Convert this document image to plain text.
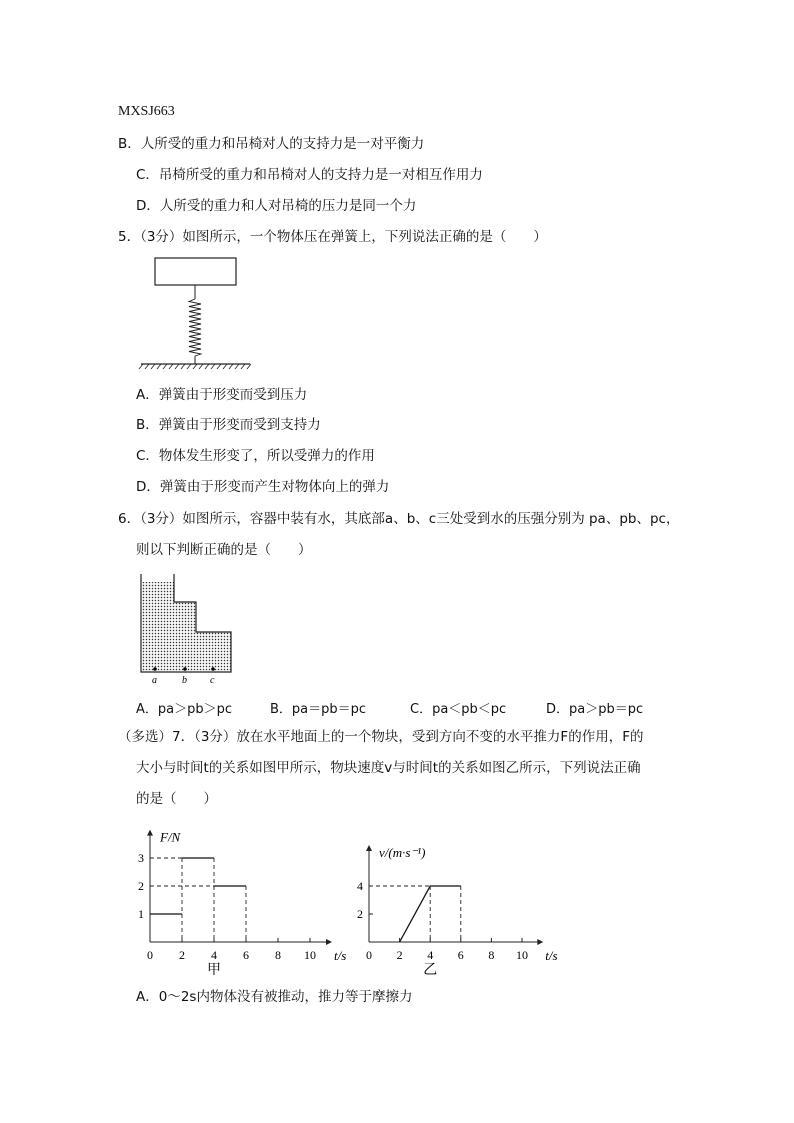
MXSJ663
B．人所受的重力和吊椅对人的支持力是一对平衡力
C．吊椅所受的重力和吊椅对人的支持力是一对相互作用力
D．人所受的重力和人对吊椅的压力是同一个力
5．（3分）如图所示，一个物体压在弹簧上，下列说法正确的是（　　）
A．弹簧由于形变而受到压力
B．弹簧由于形变而受到支持力
C．物体发生形变了，所以受弹力的作用
D．弹簧由于形变而产生对物体向上的弹力
6．（3分）如图所示，容器中装有水，其底部a、b、c三处受到水的压强分别为 pa、pb、pc，
则以下判断正确的是（　　）
a	b c
A．pa＞pb＞pc	B．pa＝pb＝pc	C．pa＜pb＜pc	D．pa＞pb＝pc
（多选）7．（3分）放在水平地面上的一个物块，受到方向不变的水平推力F的作用，F的
大小与时间t的关系如图甲所示，物块速度v与时间t的关系如图乙所示，下列说法正确
的是（　　）
0 2 4 6 8 10
1
2
3
F/N
t/s
甲
0 2 4 6 8 10
2
4
v/(m·s⁻¹)
t/s
乙
A．0～2s内物体没有被推动，推力等于摩擦力
